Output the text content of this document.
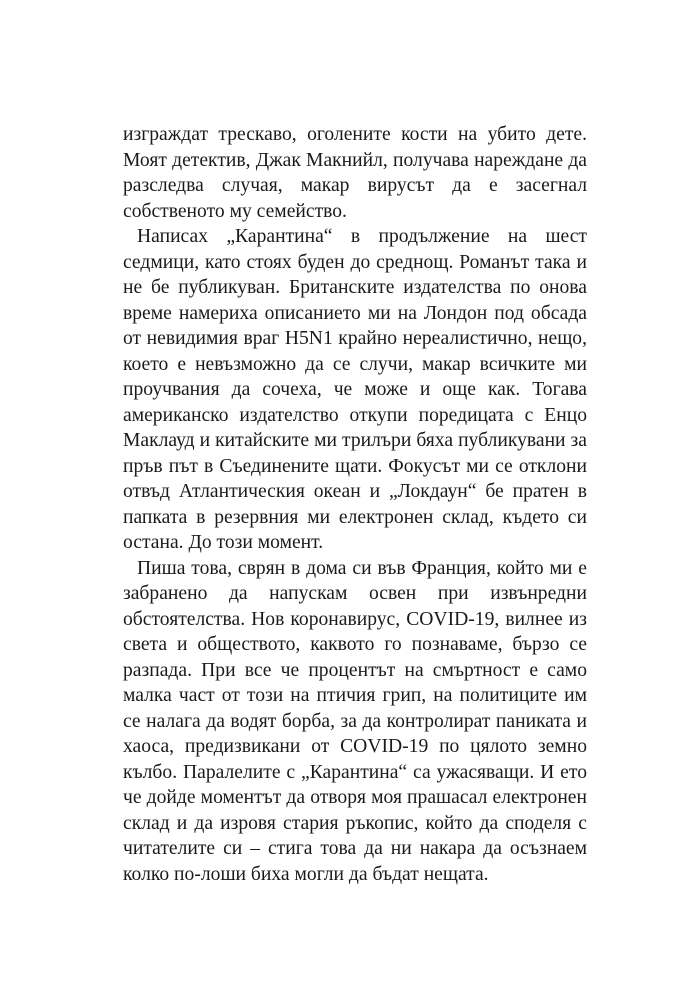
изграждат трескаво, оголените кости на убито дете. Моят детектив, Джак Макнийл, получава нареждане да разследва случая, макар вирусът да е засегнал собственото му семейство.

Написах „Карантина“ в продължение на шест седмици, като стоях буден до среднощ. Романът така и не бе публикуван. Британските издателства по онова време намериха описанието ми на Лондон под обсада от невидимия враг H5N1 крайно нереалистично, нещо, което е невъзможно да се случи, макар всичките ми проучвания да сочеха, че може и още как. Тогава американско издателство откупи поредицата с Енцо Маклауд и китайските ми трилъри бяха публикувани за пръв път в Съединените щати. Фокусът ми се отклони отвъд Атлантическия океан и „Локдаун“ бе пратен в папката в резервния ми електронен склад, където си остана. До този момент.

Пиша това, сврян в дома си във Франция, който ми е забранено да напускам освен при извънредни обстоятелства. Нов коронавирус, COVID-19, вилнее из света и обществото, каквото го познаваме, бързо се разпада. При все че процентът на смъртност е само малка част от този на птичия грип, на политиците им се налага да водят борба, за да контролират паниката и хаоса, предизвикани от COVID-19 по цялото земно кълбо. Паралелите с „Карантина“ са ужасяващи. И ето че дойде моментът да отворя моя прашасал електронен склад и да изровя стария ръкопис, който да споделя с читателите си – стига това да ни накара да осъзнаем колко по-лоши биха могли да бъдат нещата.
